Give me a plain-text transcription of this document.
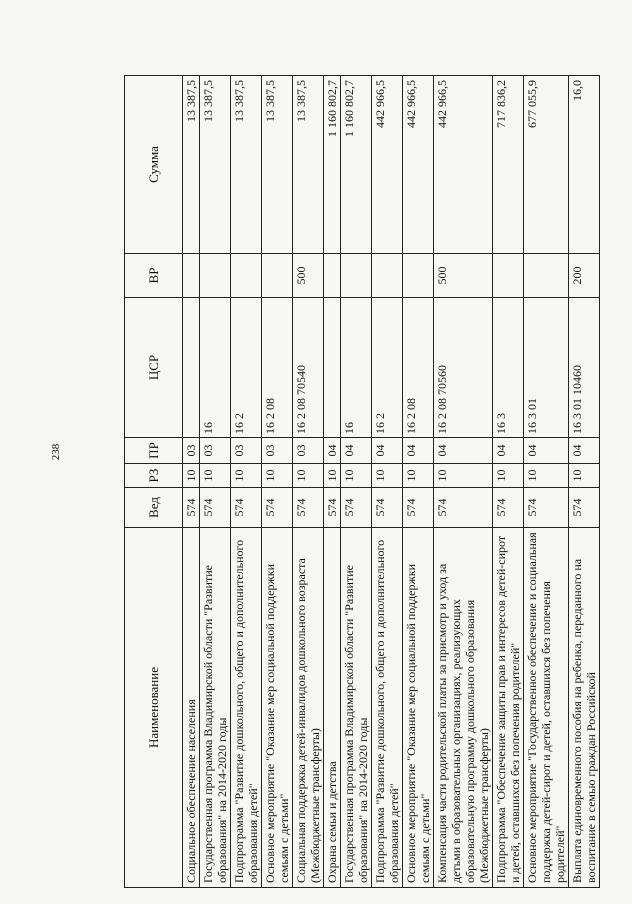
238
Наименование	Вед	РЗ	ПР	ЦСР	ВР	Сумма
Социальное обеспечение населения	574	10	03			13 387,5
Государственная программа Владимирской области "Развитие образования" на 2014-2020 годы	574	10	03	16		13 387,5
Подпрограмма "Развитие дошкольного, общего и дополнительного образования детей"	574	10	03	16 2		13 387,5
Основное мероприятие "Оказание мер социальной поддержки семьям с детьми"	574	10	03	16 2 08		13 387,5
Социальная поддержка детей-инвалидов дошкольного возраста (Межбюджетные трансферты)	574	10	03	16 2 08 70540	500	13 387,5
Охрана семьи и детства	574	10	04			1 160 802,7
Государственная программа Владимирской области "Развитие образования" на 2014-2020 годы	574	10	04	16		1 160 802,7
Подпрограмма "Развитие дошкольного, общего и дополнительного образования детей"	574	10	04	16 2		442 966,5
Основное мероприятие "Оказание мер социальной поддержки семьям с детьми"	574	10	04	16 2 08		442 966,5
Компенсация части родительской платы за присмотр и уход за детьми в образовательных организациях, реализующих образовательную программу дошкольного образования (Межбюджетные трансферты)	574	10	04	16 2 08 70560	500	442 966,5
Подпрограмма "Обеспечение защиты прав и интересов детей-сирот и детей, оставшихся без попечения родителей"	574	10	04	16 3		717 836,2
Основное мероприятие "Государственное обеспечение и социальная поддержка детей-сирот и детей, оставшихся без попечения родителей"	574	10	04	16 3 01		677 055,9
Выплата единовременного пособия на ребенка, переданного на воспитание в семью граждан Российской	574	10	04	16 3 01 10460	200	16,0
